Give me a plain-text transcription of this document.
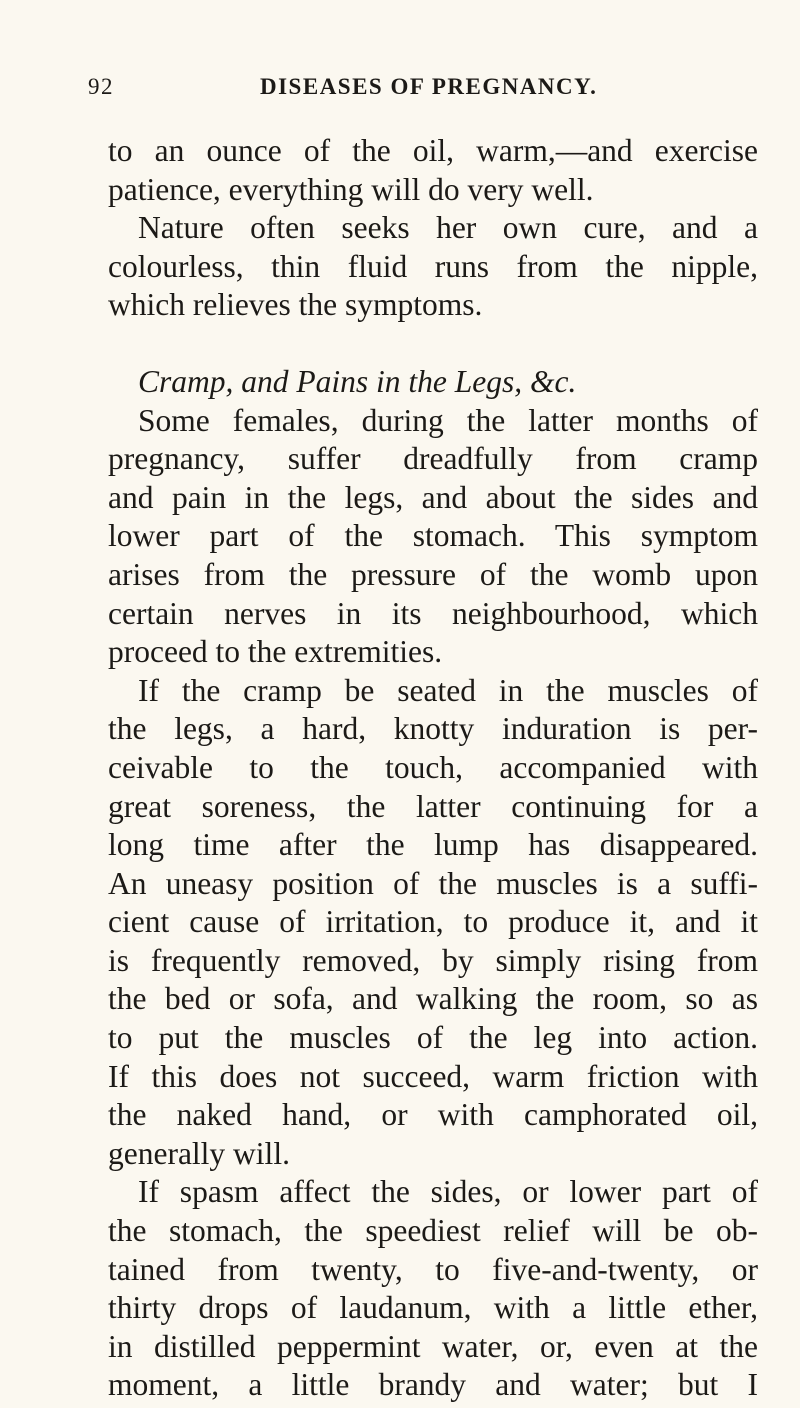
92	DISEASES OF PREGNANCY.
to an ounce of the oil, warm,—and exercise
patience, everything will do very well.
Nature often seeks her own cure, and a
colourless, thin fluid runs from the nipple,
which relieves the symptoms.
Cramp, and Pains in the Legs, &c.
Some females, during the latter months of
pregnancy, suffer dreadfully from cramp
and pain in the legs, and about the sides and
lower part of the stomach. This symptom
arises from the pressure of the womb upon
certain nerves in its neighbourhood, which
proceed to the extremities.
If the cramp be seated in the muscles of
the legs, a hard, knotty induration is per-
ceivable to the touch, accompanied with
great soreness, the latter continuing for a
long time after the lump has disappeared.
An uneasy position of the muscles is a suffi-
cient cause of irritation, to produce it, and it
is frequently removed, by simply rising from
the bed or sofa, and walking the room, so as
to put the muscles of the leg into action.
If this does not succeed, warm friction with
the naked hand, or with camphorated oil,
generally will.
If spasm affect the sides, or lower part of
the stomach, the speediest relief will be ob-
tained from twenty, to five-and-twenty, or
thirty drops of laudanum, with a little ether,
in distilled peppermint water, or, even at the
moment, a little brandy and water; but I
